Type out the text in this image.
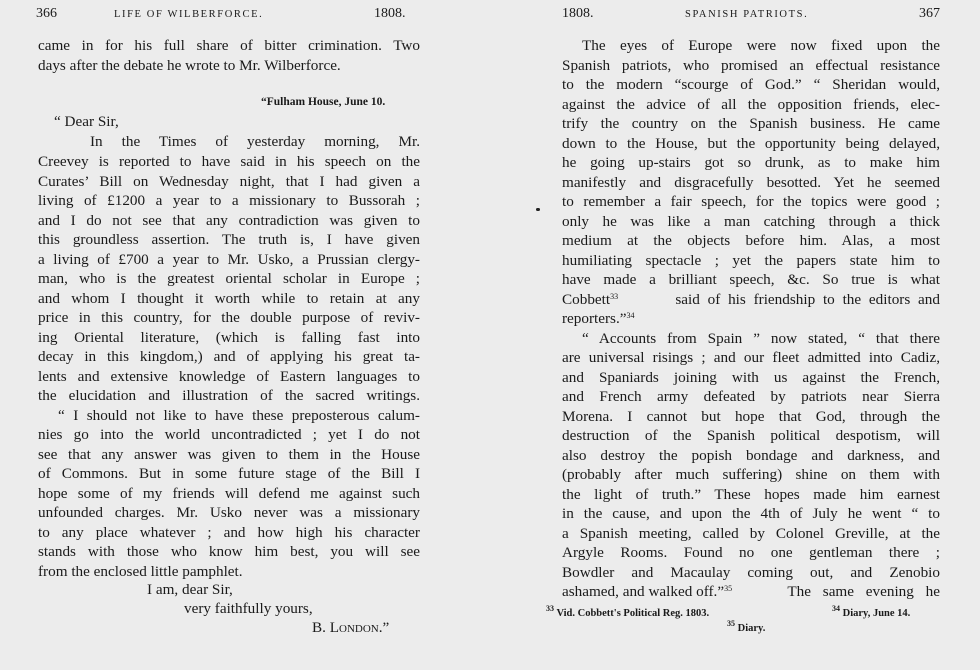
366	LIFE OF WILBERFORCE.	1808.
came in for his full share of bitter crimination. Two
days after the debate he wrote to Mr. Wilberforce.
“Fulham House, June 10.
“ Dear Sir,
In the Times of yesterday morning, Mr.
Creevey is reported to have said in his speech on the
Curates’ Bill on Wednesday night, that I had given a
living of £1200 a year to a missionary to Bussorah ;
and I do not see that any contradiction was given to
this groundless assertion. The truth is, I have given
a living of £700 a year to Mr. Usko, a Prussian clergy-
man, who is the greatest oriental scholar in Europe ;
and whom I thought it worth while to retain at any
price in this country, for the double purpose of reviv-
ing Oriental literature, (which is falling fast into
decay in this kingdom,) and of applying his great ta-
lents and extensive knowledge of Eastern languages to
the elucidation and illustration of the sacred writings.
“ I should not like to have these preposterous calum-
nies go into the world uncontradicted ; yet I do not
see that any answer was given to them in the House
of Commons. But in some future stage of the Bill I
hope some of my friends will defend me against such
unfounded charges. Mr. Usko never was a missionary
to any place whatever ; and how high his character
stands with those who know him best, you will see
from the enclosed little pamphlet.
I am, dear Sir,
very faithfully yours,
B. London.”
1808.	SPANISH PATRIOTS.	367
The eyes of Europe were now fixed upon the
Spanish patriots, who promised an effectual resistance
to the modern “scourge of God.” “ Sheridan would,
against the advice of all the opposition friends, elec-
trify the country on the Spanish business. He came
down to the House, but the opportunity being delayed,
he going up-stairs got so drunk, as to make him
manifestly and disgracefully besotted. Yet he seemed
to remember a fair speech, for the topics were good ;
only he was like a man catching through a thick
medium at the objects before him. Alas, a most
humiliating spectacle ; yet the papers state him to
have made a brilliant speech, &c. So true is what
Cobbett$^{33}$	said of his friendship to the editors and
reporters.”$^{34}$
“ Accounts from Spain ” now stated, “ that there
are universal risings ; and our fleet admitted into Cadiz,
and Spaniards joining with us against the French,
and French army defeated by patriots near Sierra
Morena. I cannot but hope that God, through the
destruction of the Spanish political despotism, will
also destroy the popish bondage and darkness, and
(probably after much suffering) shine on them with
the light of truth.” These hopes made him earnest
in the cause, and upon the 4th of July he went “ to
a Spanish meeting, called by Colonel Greville, at the
Argyle Rooms. Found no one gentleman there ;
Bowdler and Macaulay coming out, and Zenobio
ashamed, and walked off.”$^{35}$	The same evening he
$^{33}$ Vid. Cobbett's Political Reg. 1803.	$^{34}$ Diary, June 14.
$^{35}$ Diary.
